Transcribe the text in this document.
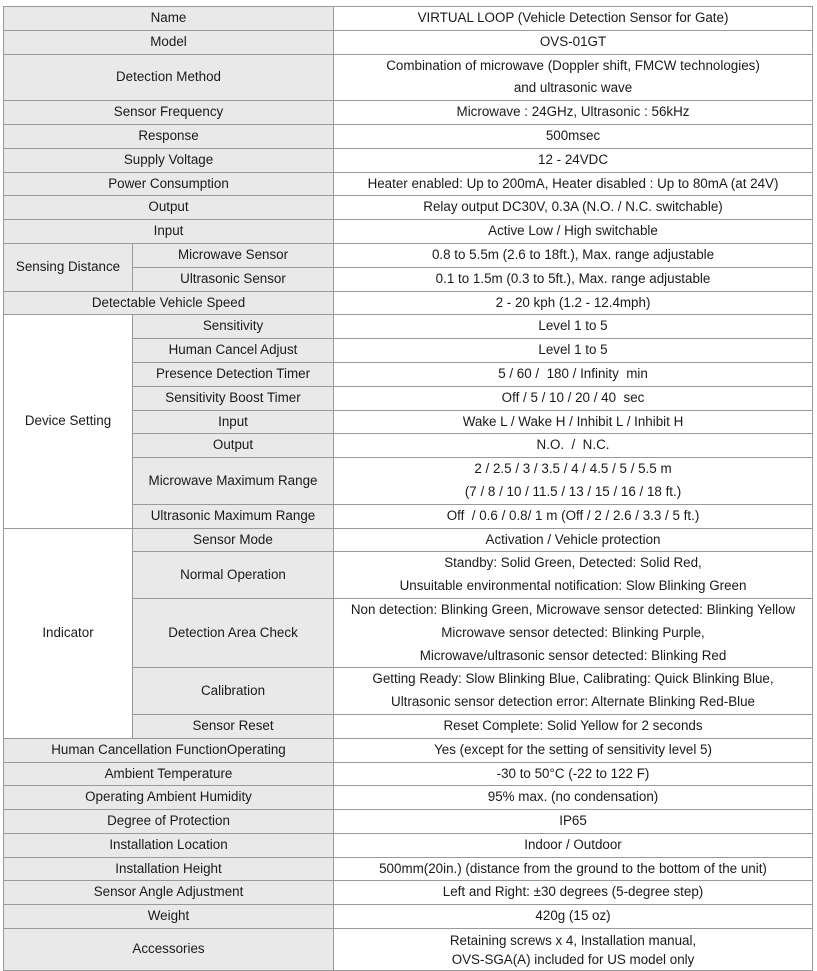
Name		VIRTUAL LOOP (Vehicle Detection Sensor for Gate)
Model		OVS-01GT
Detection Method		Combination of microwave (Doppler shift, FMCW technologies)
and ultrasonic wave

Sensor Frequency		Microwave : 24GHz, Ultrasonic : 56kHz
Response		500msec
Supply Voltage		12 - 24VDC
Power Consumption		Heater enabled: Up to 200mA, Heater disabled : Up to 80mA (at 24V)
Output		Relay output DC30V, 0.3A (N.O. / N.C. switchable)
Input		Active Low / High switchable
Sensing Distance	Microwave Sensor	0.8 to 5.5m (2.6 to 18ft.), Max. range adjustable
	Ultrasonic Sensor	0.1 to 1.5m (0.3 to 5ft.), Max. range adjustable
Detectable Vehicle Speed		2 - 20 kph (1.2 - 12.4mph)
Device Setting	Sensitivity	Level 1 to 5
	Human Cancel Adjust	Level 1 to 5
	Presence Detection Timer	5 / 60 /  180 / Infinity  min
	Sensitivity Boost Timer	Off / 5 / 10 / 20 / 40  sec
	Input	Wake L / Wake H / Inhibit L / Inhibit H
	Output	N.O.  /  N.C.
	Microwave Maximum Range	2 / 2.5 / 3 / 3.5 / 4 / 4.5 / 5 / 5.5 m
(7 / 8 / 10 / 11.5 / 13 / 15 / 16 / 18 ft.)

	Ultrasonic Maximum Range	Off  / 0.6 / 0.8/ 1 m (Off / 2 / 2.6 / 3.3 / 5 ft.)
Indicator	Sensor Mode	Activation / Vehicle protection
	Normal Operation	Standby: Solid Green, Detected: Solid Red,
Unsuitable environmental notification: Slow Blinking Green

	Detection Area Check	Non detection: Blinking Green, Microwave sensor detected: Blinking Yellow
Microwave sensor detected: Blinking Purple,
Microwave/ultrasonic sensor detected: Blinking Red

	Calibration	Getting Ready: Slow Blinking Blue, Calibrating: Quick Blinking Blue,
Ultrasonic sensor detection error: Alternate Blinking Red-Blue

	Sensor Reset	Reset Complete: Solid Yellow for 2 seconds
Human Cancellation FunctionOperating		Yes (except for the setting of sensitivity level 5)
Ambient Temperature		-30 to 50°C (-22 to 122 F)
Operating Ambient Humidity		95% max. (no condensation)
Degree of Protection		IP65
Installation Location		Indoor / Outdoor
Installation Height		500mm(20in.) (distance from the ground to the bottom of the unit)
Sensor Angle Adjustment		Left and Right: ±30 degrees (5-degree step)
Weight		420g (15 oz)
Accessories		Retaining screws x 4, Installation manual,
OVS-SGA(A) included for US model only
